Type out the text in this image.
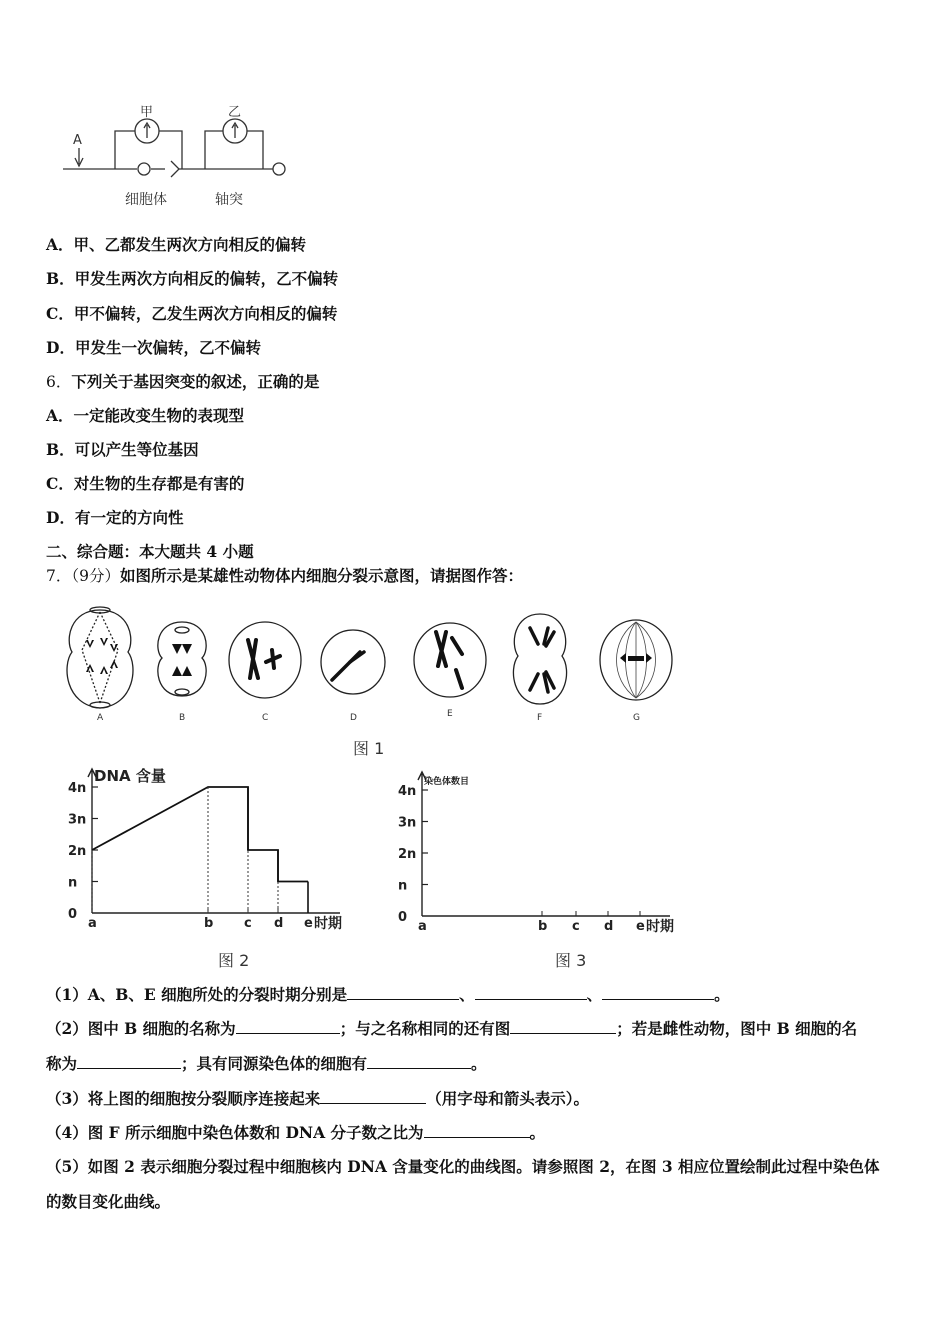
A
甲	乙
细胞体	轴突
A．甲、乙都发生两次方向相反的偏转
B．甲发生两次方向相反的偏转，乙不偏转
C．甲不偏转，乙发生两次方向相反的偏转
D．甲发生一次偏转，乙不偏转
6．下列关于基因突变的叙述，正确的是
A．一定能改变生物的表现型
B．可以产生等位基因
C．对生物的生存都是有害的
D．有一定的方向性
二、综合题：本大题共 4 小题
7．（9分）如图所示是某雄性动物体内细胞分裂示意图，请据图作答：
A	B	C	D	E	F	G
图 1
DNA 含量
0
n
2n
3n
4n
a	b c d e 时期
图 2
染色体数目
0
n
2n
3n
4n
a	b c d e 时期
图 3
（1）A、B、E 细胞所处的分裂时期分别是	、	、	。
（2）图中 B 细胞的名称为	；与之名称相同的还有图	；若是雌性动物，图中 B 细胞的名
称为	；具有同源染色体的细胞有	。
（3）将上图的细胞按分裂顺序连接起来	（用字母和箭头表示）。
（4）图 F 所示细胞中染色体数和 DNA 分子数之比为	。
（5）如图 2 表示细胞分裂过程中细胞核内 DNA 含量变化的曲线图。请参照图 2，在图 3 相应位置绘制此过程中染色体
的数目变化曲线。
